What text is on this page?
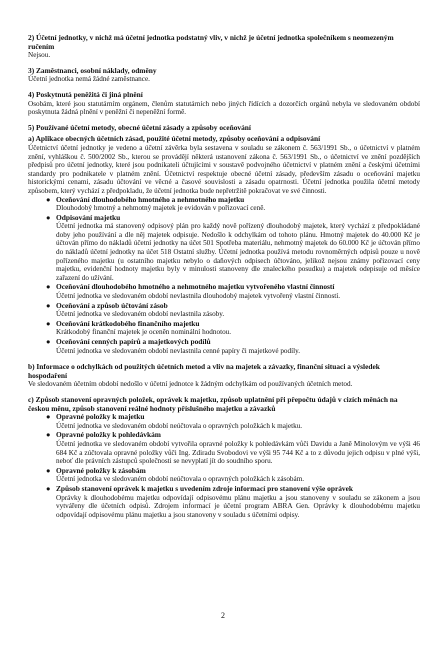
2) Účetní jednotky, v nichž má účetní jednotka podstatný vliv, v nichž je účetní jednotka společníkem s neomezeným ručením

Nejsou.

3) Zaměstnanci, osobní náklady, odměny

Účetní jednotka nemá žádné zaměstnance.

4) Poskytnutá peněžitá či jiná plnění

Osobám, které jsou statutárním orgánem, členům statutárních nebo jiných řídících a dozorčích orgánů nebyla ve sledovaném období poskytnuta žádná plnění v peněžní či nepeněžní formě.

5) Používané účetní metody, obecné účetní zásady a způsoby oceňování

a) Aplikace obecných účetních zásad, použité účetní metody, způsoby oceňování a odpisování

Účetnictví účetní jednotky je vedeno a účetní závěrka byla sestavena v souladu se zákonem č. 563/1991 Sb., o účetnictví v platném znění, vyhláškou č. 500/2002 Sb., kterou se provádějí některá ustanovení zákona č. 563/1991 Sb., o účetnictví ve znění pozdějších předpisů pro účetní jednotky, které jsou podnikateli účtujícími v soustavě podvojného účetnictví v platném znění a českými účetními standardy pro podnikatele v platném znění. Účetnictví respektuje obecné účetní zásady, především zásadu o oceňování majetku historickými cenami, zásadu účtování ve věcné a časové souvislosti a zásadu opatrnosti. Účetní jednotka použila účetní metody způsobem, který vychází z předpokladu, že účetní jednotka bude nepřetržitě pokračovat ve své činnosti.

● Oceňování dlouhodobého hmotného a nehmotného majetku
Dlouhodobý hmotný a nehmotný majetek je evidován v pořizovací ceně.
● Odpisování majetku
Účetní jednotka má stanovený odpisový plán pro každý nově pořízený dlouhodobý majetek, který vychází z předpokládané doby jeho používání a dle něj majetek odpisuje. Nedošlo k odchylkám od tohoto plánu. Hmotný majetek do 40.000 Kč je účtován přímo do nákladů účetní jednotky na účet 501 Spotřeba materiálu, nehmotný majetek do 60.000 Kč je účtován přímo do nákladů účetní jednotky na účet 518 Ostatní služby. Účetní jednotka používá metodu rovnoměrných odpisů pouze u nově pořízeného majetku (u ostatního majetku nebylo o daňových odpisech účtováno, jelikož nejsou známy pořizovací ceny majetku, evidenční hodnoty majetku byly v minulosti stanoveny dle znaleckého posudku) a majetek odepisuje od měsíce zařazení do užívání.
● Oceňování dlouhodobého hmotného a nehmotného majetku vytvořeného vlastní činností
Účetní jednotka ve sledovaném období nevlastnila dlouhodobý majetek vytvořený vlastní činností.
● Oceňování a způsob účtování zásob
Účetní jednotka ve sledovaném období nevlastnila zásoby.
● Oceňování krátkodobého finančního majetku
Krátkodobý finanční majetek je oceněn nominální hodnotou.
● Oceňování cenných papírů a majetkových podílů
Účetní jednotka ve sledovaném období nevlastnila cenné papíry či majetkové podíly.

b) Informace o odchylkách od použitých účetních metod a vliv na majetek a závazky, finanční situaci a výsledek hospodaření

Ve sledovaném účetním období nedošlo v účetní jednotce k žádným odchylkám od používaných účetních metod.

c) Způsob stanovení opravných položek, oprávek k majetku, způsob uplatnění při přepočtu údajů v cizích měnách na českou měnu, způsob stanovení reálné hodnoty příslušného majetku a závazků

● Opravné položky k majetku
Účetní jednotka ve sledovaném období neúčtovala o opravných položkách k majetku.
● Opravné položky k pohledávkám
Účetní jednotka ve sledovaném období vytvořila opravné položky k pohledávkám vůči Davidu a Janě Minolovým ve výši 46 684 Kč a zúčtovala opravné položky vůči Ing. Zdiradu Svobodovi ve výši 95 744 Kč a to z důvodu jejich odpisu v plné výši, neboť dle právních zástupců společnosti se nevyplatí jít do soudního sporu.
● Opravné položky k zásobám
Účetní jednotka ve sledovaném období neúčtovala o opravných položkách k zásobám.
● Způsob stanovení oprávek k majetku s uvedením zdroje informací pro stanovení výše oprávek
Oprávky k dlouhodobému majetku odpovídají odpisovému plánu majetku a jsou stanoveny v souladu se zákonem a jsou vytvářeny dle účetních odpisů. Zdrojem informací je účetní program ABRA Gen. Oprávky k dlouhodobému majetku odpovídají odpisovému plánu majetku a jsou stanoveny v souladu s účetními odpisy.
2
